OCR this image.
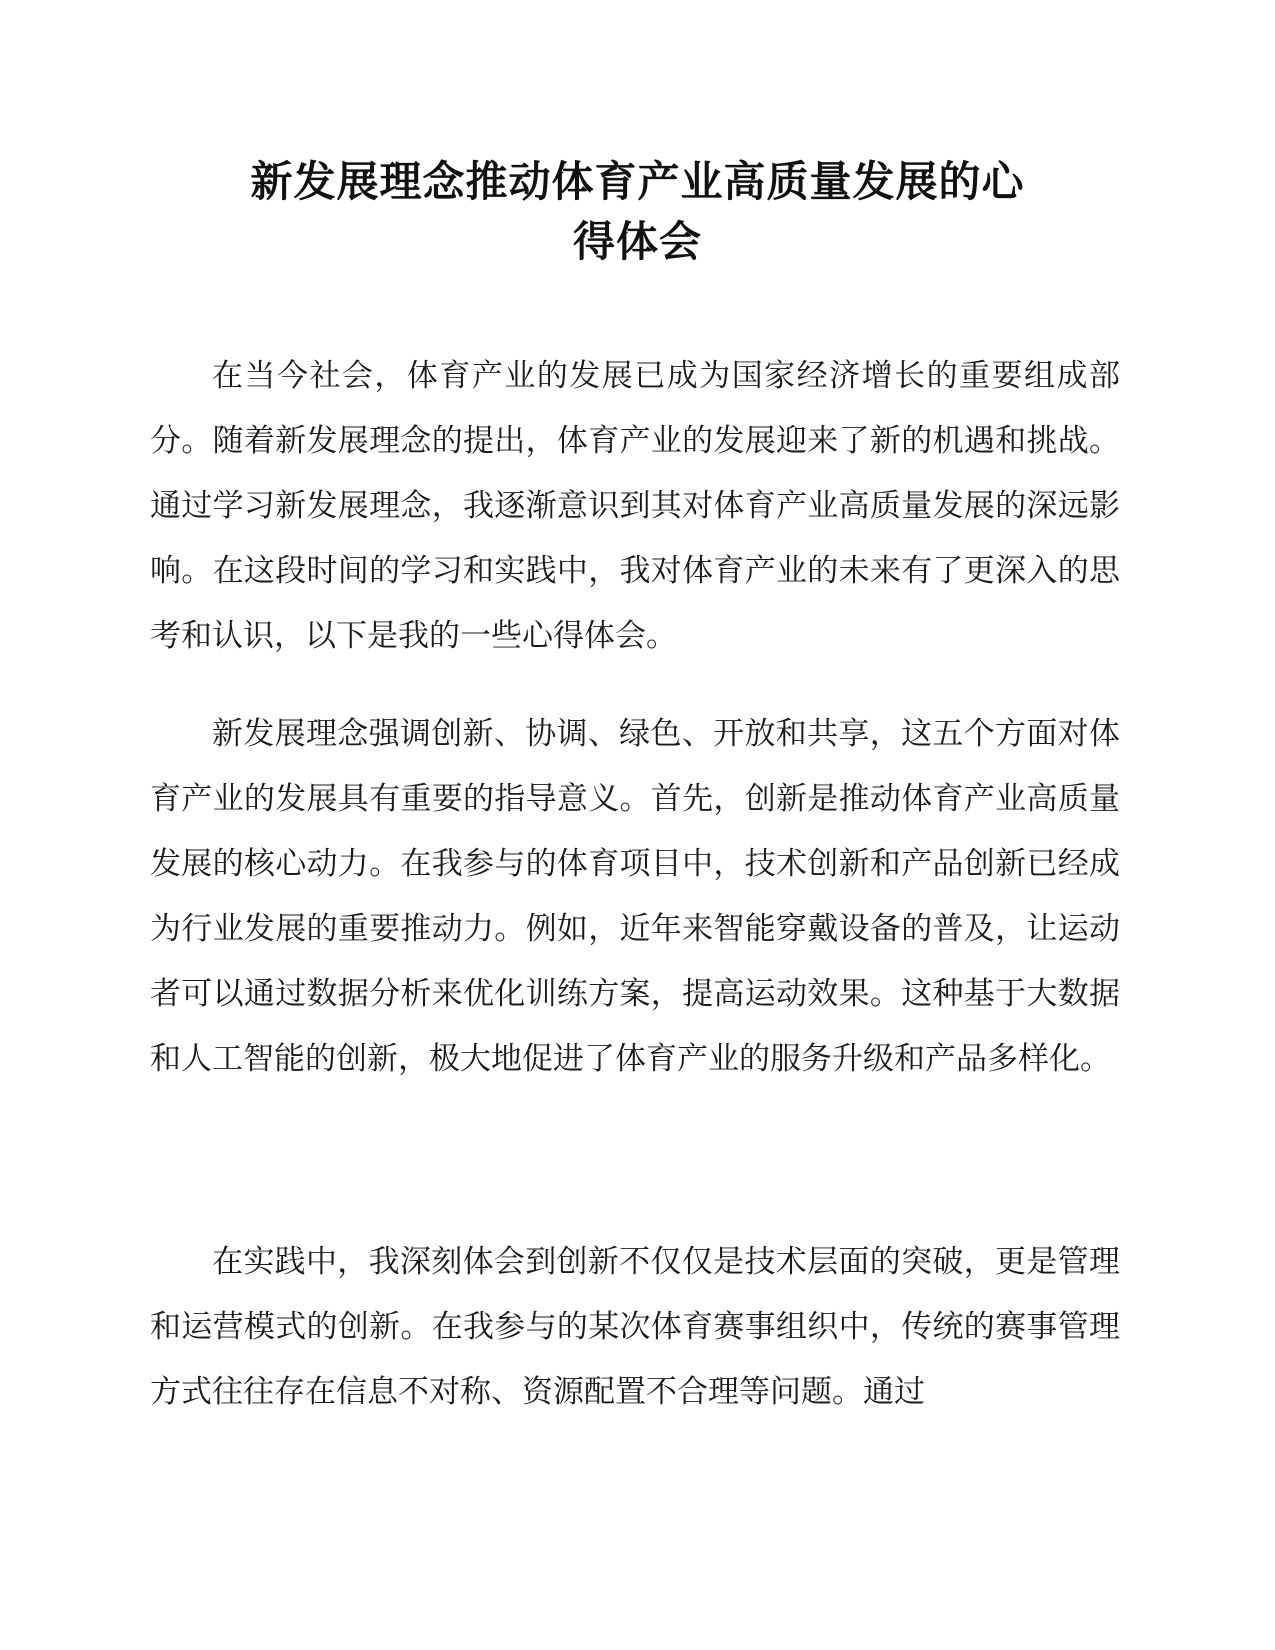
新发展理念推动体育产业高质量发展的心
得体会

在当今社会，体育产业的发展已成为国家经济增长的重要组成部分。随着新发展理念的提出，体育产业的发展迎来了新的机遇和挑战。通过学习新发展理念，我逐渐意识到其对体育产业高质量发展的深远影响。在这段时间的学习和实践中，我对体育产业的未来有了更深入的思考和认识，以下是我的一些心得体会。

新发展理念强调创新、协调、绿色、开放和共享，这五个方面对体育产业的发展具有重要的指导意义。首先，创新是推动体育产业高质量发展的核心动力。在我参与的体育项目中，技术创新和产品创新已经成为行业发展的重要推动力。例如，近年来智能穿戴设备的普及，让运动者可以通过数据分析来优化训练方案，提高运动效果。这种基于大数据和人工智能的创新，极大地促进了体育产业的服务升级和产品多样化。

在实践中，我深刻体会到创新不仅仅是技术层面的突破，更是管理和运营模式的创新。在我参与的某次体育赛事组织中，传统的赛事管理方式往往存在信息不对称、资源配置不合理等问题。通过
